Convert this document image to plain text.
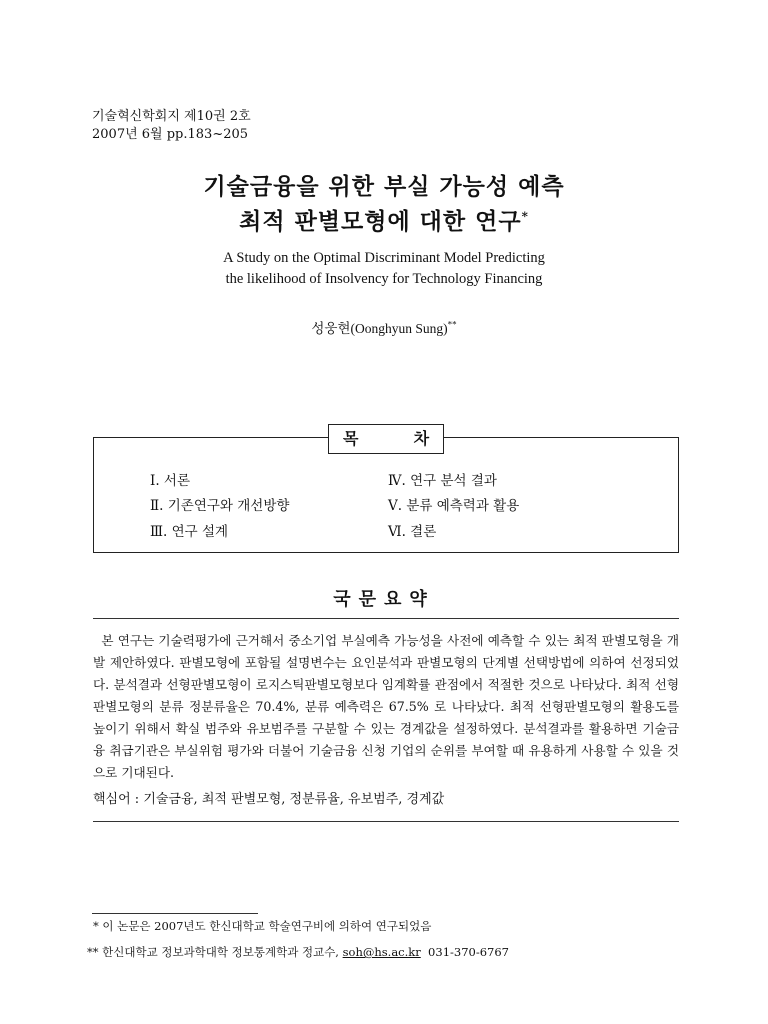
기술혁신학회지 제10권 2호
2007년 6월 pp.183~205
기술금융을 위한 부실 가능성 예측
최적 판별모형에 대한 연구*
A Study on the Optimal Discriminant Model Predicting
the likelihood of Insolvency for Technology Financing
성웅현(Oonghyun Sung)**
목	차
Ⅰ. 서론
Ⅱ. 기존연구와 개선방향
Ⅲ. 연구 설계
Ⅳ. 연구 분석 결과
Ⅴ. 분류 예측력과 활용
Ⅵ. 결론
국문요약
본 연구는 기술력평가에 근거해서 중소기업 부실예측 가능성을 사전에 예측할 수 있는 최적 판별모형을 개발 제안하였다. 판별모형에 포함될 설명변수는 요인분석과 판별모형의 단계별 선택방법에 의하여 선정되었다. 분석결과 선형판별모형이 로지스틱판별모형보다 임계확률 관점에서 적절한 것으로 나타났다. 최적 선형판별모형의 분류 정분류율은 70.4%, 분류 예측력은 67.5% 로 나타났다. 최적 선형판별모형의 활용도를 높이기 위해서 확실 범주와 유보범주를 구분할 수 있는 경계값을 설정하였다. 분석결과를 활용하면 기술금융 취급기관은 부실위험 평가와 더불어 기술금융 신청 기업의 순위를 부여할 때 유용하게 사용할 수 있을 것으로 기대된다.
핵심어 : 기술금융, 최적 판별모형, 정분류율, 유보범주, 경계값
* 이 논문은 2007년도 한신대학교 학술연구비에 의하여 연구되었음
** 한신대학교 정보과학대학 정보통계학과 정교수, soh@hs.ac.kr  031-370-6767
